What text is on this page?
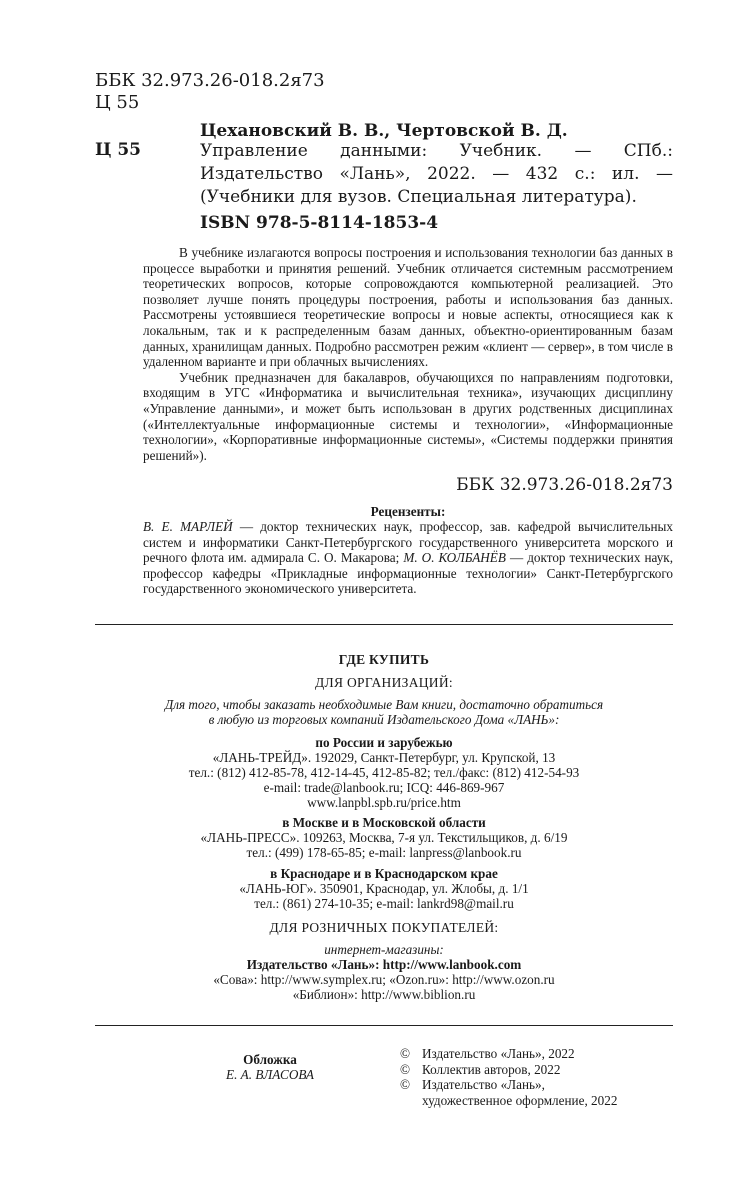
ББК 32.973.26-018.2я73
Ц 55
Цехановский В. В., Чертовской В. Д.
Ц 55	Управление данными: Учебник. — СПб.: Издательство «Лань», 2022. — 432 с.: ил. — (Учебники для вузов. Специальная литература).
ISBN 978-5-8114-1853-4

В учебнике излагаются вопросы построения и использования технологии баз данных в процессе выработки и принятия решений. Учебник отличается системным рассмотрением теоретических вопросов, которые сопровождаются компьютерной реализацией. Это позволяет лучше понять процедуры построения, работы и использования баз данных. Рассмотрены устоявшиеся теоретические вопросы и новые аспекты, относящиеся как к локальным, так и к распределенным базам данных, объектно-ориентированным базам данных, хранилищам данных. Подробно рассмотрен режим «клиент — сервер», в том числе в удаленном варианте и при облачных вычислениях.

Учебник предназначен для бакалавров, обучающихся по направлениям подготовки, входящим в УГС «Информатика и вычислительная техника», изучающих дисциплину «Управление данными», и может быть использован в других родственных дисциплинах («Интеллектуальные информационные системы и технологии», «Информационные технологии», «Корпоративные информационные системы», «Системы поддержки принятия решений»).

ББК 32.973.26-018.2я73
Рецензенты:

В. Е. МАРЛЕЙ — доктор технических наук, профессор, зав. кафедрой вычислительных систем и информатики Санкт-Петербургского государственного университета морского и речного флота им. адмирала С. О. Макарова; М. О. КОЛБАНЁВ — доктор технических наук, профессор кафедры «Прикладные информационные технологии» Санкт-Петербургского государственного экономического университета.

ГДЕ КУПИТЬ
ДЛЯ ОРГАНИЗАЦИЙ:
Для того, чтобы заказать необходимые Вам книги, достаточно обратиться
в любую из торговых компаний Издательского Дома «ЛАНЬ»:
по России и зарубежью
«ЛАНЬ-ТРЕЙД». 192029, Санкт-Петербург, ул. Крупской, 13
тел.: (812) 412-85-78, 412-14-45, 412-85-82; тел./факс: (812) 412-54-93
e-mail: trade@lanbook.ru; ICQ: 446-869-967
www.lanpbl.spb.ru/price.htm
в Москве и в Московской области
«ЛАНЬ-ПРЕСС». 109263, Москва, 7-я ул. Текстильщиков, д. 6/19
тел.: (499) 178-65-85; e-mail: lanpress@lanbook.ru
в Краснодаре и в Краснодарском крае
«ЛАНЬ-ЮГ». 350901, Краснодар, ул. Жлобы, д. 1/1
тел.: (861) 274-10-35; e-mail: lankrd98@mail.ru
ДЛЯ РОЗНИЧНЫХ ПОКУПАТЕЛЕЙ:
интернет-магазины:
Издательство «Лань»: http://www.lanbook.com
«Сова»: http://www.symplex.ru; «Ozon.ru»: http://www.ozon.ru
«Библион»: http://www.biblion.ru
Обложка
Е. А. ВЛАСОВА
© Издательство «Лань», 2022
© Коллектив авторов, 2022
© Издательство «Лань»,
художественное оформление, 2022
